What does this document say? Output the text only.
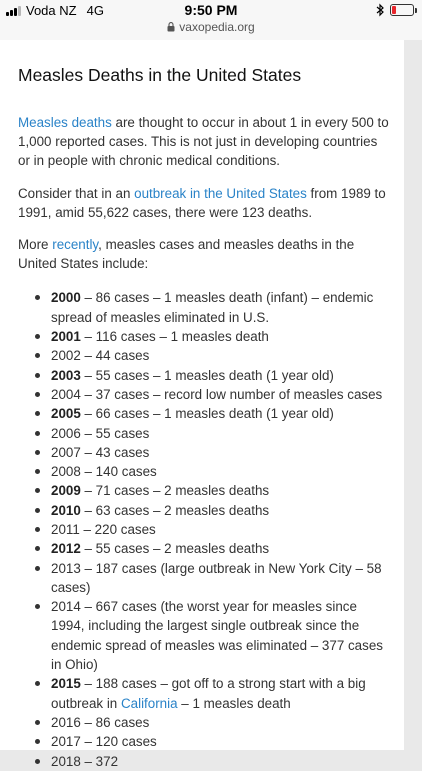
Voda NZ 4G	9:50 PM
vaxopedia.org
Measles Deaths in the United States

Measles deaths are thought to occur in about 1 in every 500 to 1,000 reported cases. This is not just in developing countries or in people with chronic medical conditions.

Consider that in an outbreak in the United States from 1989 to 1991, amid 55,622 cases, there were 123 deaths.

More recently, measles cases and measles deaths in the United States include:

2000 – 86 cases – 1 measles death (infant) – endemic spread of measles eliminated in U.S.
2001 – 116 cases – 1 measles death
2002 – 44 cases
2003 – 55 cases – 1 measles death (1 year old)
2004 – 37 cases – record low number of measles cases
2005 – 66 cases – 1 measles death (1 year old)
2006 – 55 cases
2007 – 43 cases
2008 – 140 cases
2009 – 71 cases – 2 measles deaths
2010 – 63 cases – 2 measles deaths
2011 – 220 cases
2012 – 55 cases – 2 measles deaths
2013 – 187 cases (large outbreak in New York City – 58 cases)
2014 – 667 cases (the worst year for measles since 1994, including the largest single outbreak since the endemic spread of measles was eliminated – 377 cases in Ohio)
2015 – 188 cases – got off to a strong start with a big outbreak in California – 1 measles death
2016 – 86 cases
2017 – 120 cases
2018 – 372
